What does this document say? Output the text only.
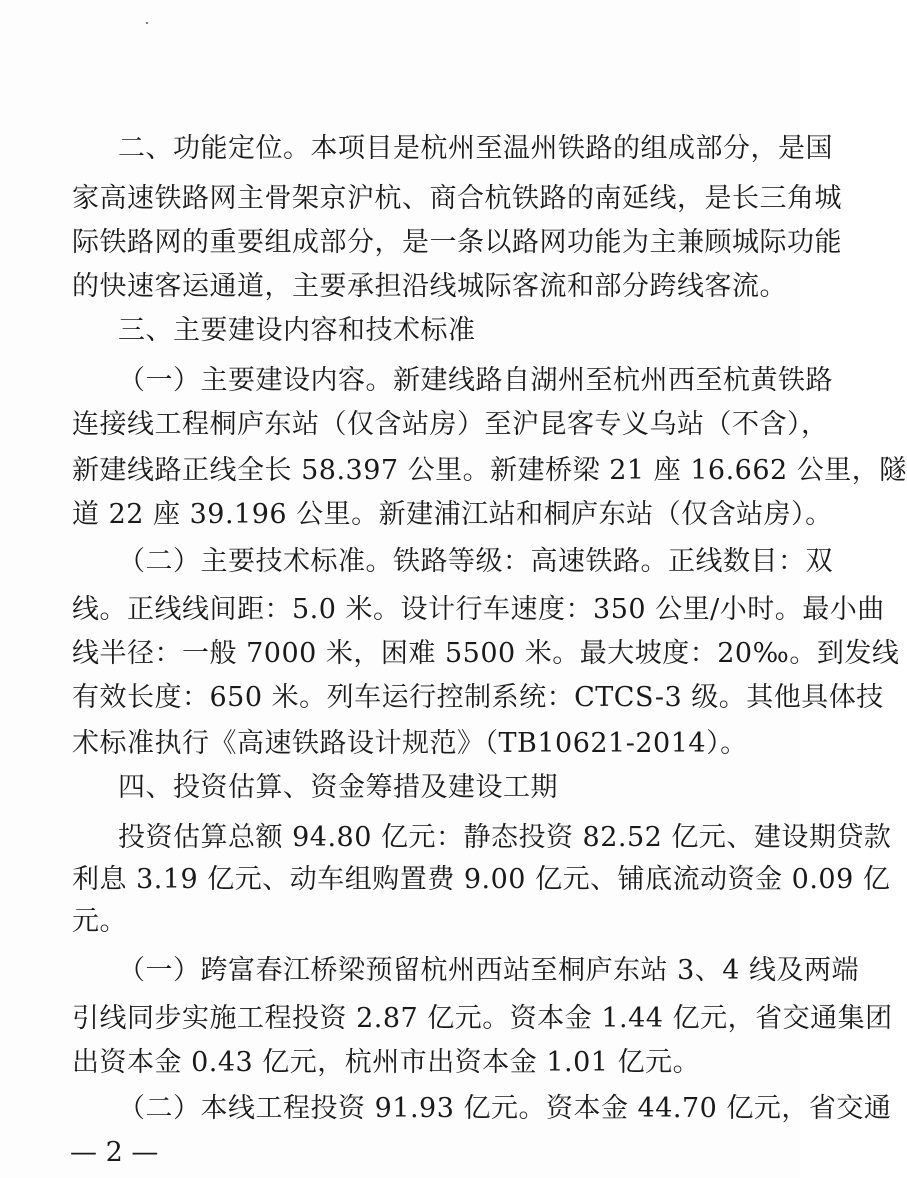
二、功能定位。本项目是杭州至温州铁路的组成部分，是国
家高速铁路网主骨架京沪杭、商合杭铁路的南延线，是长三角城
际铁路网的重要组成部分，是一条以路网功能为主兼顾城际功能
的快速客运通道，主要承担沿线城际客流和部分跨线客流。
三、主要建设内容和技术标准
（一）主要建设内容。新建线路自湖州至杭州西至杭黄铁路
连接线工程桐庐东站（仅含站房）至沪昆客专义乌站（不含），
新建线路正线全长 58.397 公里。新建桥梁 21 座 16.662 公里，隧
道 22 座 39.196 公里。新建浦江站和桐庐东站（仅含站房）。
（二）主要技术标准。铁路等级：高速铁路。正线数目：双
线。正线线间距：5.0 米。设计行车速度：350 公里/小时。最小曲
线半径：一般 7000 米，困难 5500 米。最大坡度：20‰。到发线
有效长度：650 米。列车运行控制系统：CTCS-3 级。其他具体技
术标准执行《高速铁路设计规范》（TB10621-2014）。
四、投资估算、资金筹措及建设工期
投资估算总额 94.80 亿元：静态投资 82.52 亿元、建设期贷款
利息 3.19 亿元、动车组购置费 9.00 亿元、铺底流动资金 0.09 亿
元。
（一）跨富春江桥梁预留杭州西站至桐庐东站 3、4 线及两端
引线同步实施工程投资 2.87 亿元。资本金 1.44 亿元，省交通集团
出资本金 0.43 亿元，杭州市出资本金 1.01 亿元。
（二）本线工程投资 91.93 亿元。资本金 44.70 亿元，省交通
— 2 —
